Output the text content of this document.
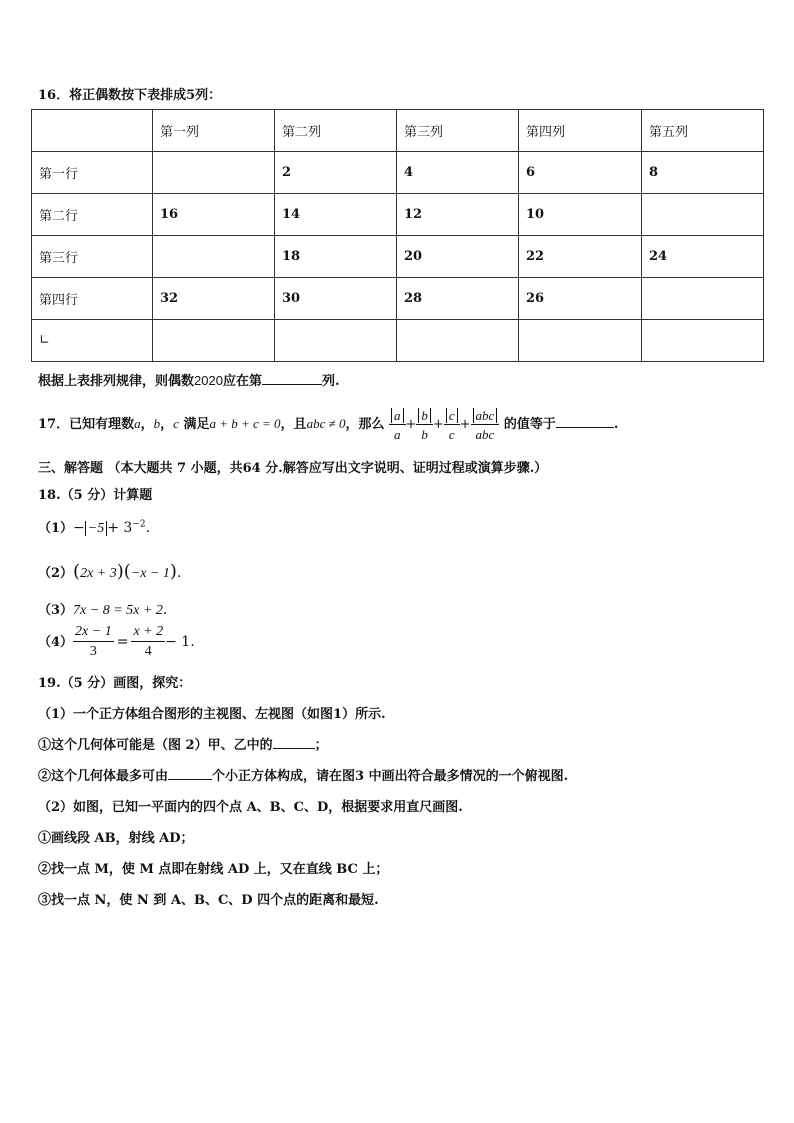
16．将正偶数按下表排成5列：
	第一列	第二列	第三列	第四列	第五列
第一行		2	4	6	8
第二行	16	14	12	10	
第三行		18	20	22	24
第四行	32	30	28	26	
∟					
根据上表排列规律，则偶数2020应在第	列.
17．已知有理数a，b，c 满足a + b + c = 0，且abc ≠ 0，那么 $\frac{a}{a} + \frac{b}{b} + \frac{c}{c} + \frac{\text{abc}}{\text{abc}}$ 的值等于	.
三、解答题 （本大题共 7 小题，共64 分.解答应写出文字说明、证明过程或演算步骤.）
18.（5 分）计算题
$(1)- -5 + 3^{-2}$.
（2）(2x + 3)(−x − 1).
（3）7x − 8 = 5x + 2.
$(4) \frac{2x - 1}{3} = \frac{x + 2}{4} - 1$.
19.（5 分）画图，探究：
（1）一个正方体组合图形的主视图、左视图（如图1）所示.
①这个几何体可能是（图 2）甲、乙中的	；
②这个几何体最多可由	个小正方体构成，请在图3 中画出符合最多情况的一个俯视图.
（2）如图，已知一平面内的四个点 A、B、C、D，根据要求用直尺画图.
①画线段 AB，射线 AD；
②找一点 M，使 M 点即在射线 AD 上，又在直线 BC 上；
③找一点 N，使 N 到 A、B、C、D 四个点的距离和最短.
